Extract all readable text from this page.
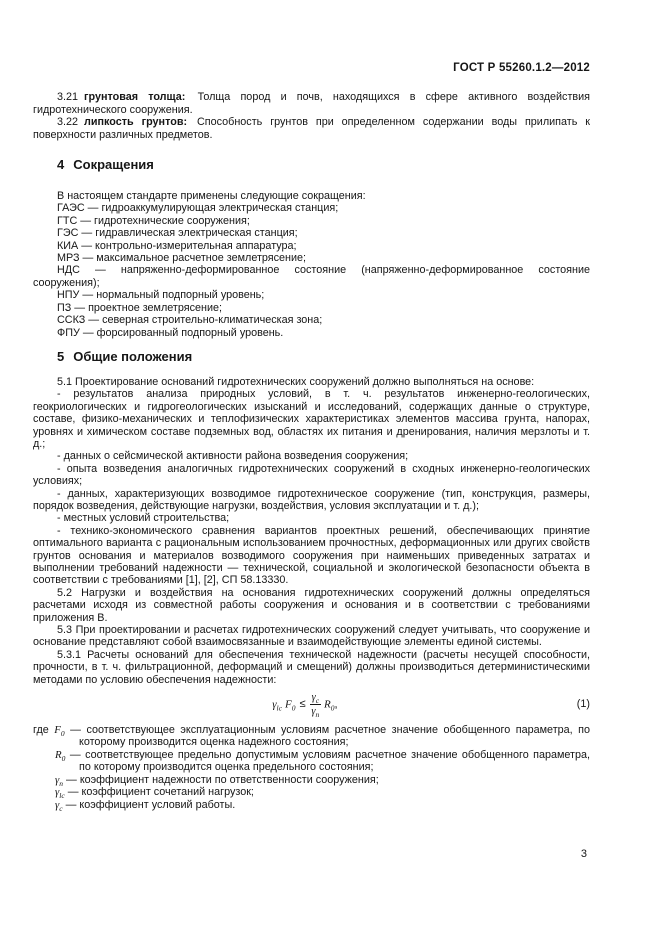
ГОСТ Р 55260.1.2—2012

3.21 грунтовая толща: Толща пород и почв, находящихся в сфере активного воздействия гидротехнического сооружения.

3.22 липкость грунтов: Способность грунтов при определенном содержании воды прилипать к поверхности различных предметов.

4 Сокращения

В настоящем стандарте применены следующие сокращения:

ГАЭС — гидроаккумулирующая электрическая станция;

ГТС — гидротехнические сооружения;

ГЭС — гидравлическая электрическая станция;

КИА — контрольно-измерительная аппаратура;

МРЗ — максимальное расчетное землетрясение;

НДС — напряженно-деформированное состояние (напряженно-деформированное состояние сооружения);

НПУ — нормальный подпорный уровень;

ПЗ — проектное землетрясение;

ССКЗ — северная строительно-климатическая зона;

ФПУ — форсированный подпорный уровень.

5 Общие положения

5.1 Проектирование оснований гидротехнических сооружений должно выполняться на основе:

- результатов анализа природных условий, в т. ч. результатов инженерно-геологических, геокриологических и гидрогеологических изысканий и исследований, содержащих данные о структуре, составе, физико-механических и теплофизических характеристиках элементов массива грунта, напорах, уровнях и химическом составе подземных вод, областях их питания и дренирования, наличия мерзлоты и т. д.;

- данных о сейсмической активности района возведения сооружения;

- опыта возведения аналогичных гидротехнических сооружений в сходных инженерно-геологических условиях;

- данных, характеризующих возводимое гидротехническое сооружение (тип, конструкция, размеры, порядок возведения, действующие нагрузки, воздействия, условия эксплуатации и т. д.);

- местных условий строительства;

- технико-экономического сравнения вариантов проектных решений, обеспечивающих принятие оптимального варианта с рациональным использованием прочностных, деформационных или других свойств грунтов основания и материалов возводимого сооружения при наименьших приведенных затратах и выполнении требований надежности — технической, социальной и экологической безопасности объекта в соответствии с требованиями [1], [2], СП 58.13330.

5.2 Нагрузки и воздействия на основания гидротехнических сооружений должны определяться расчетами исходя из совместной работы сооружения и основания и в соответствии с требованиями приложения В.

5.3 При проектировании и расчетах гидротехнических сооружений следует учитывать, что сооружение и основание представляют собой взаимосвязанные и взаимодействующие элементы единой системы.

5.3.1 Расчеты оснований для обеспечения технической надежности (расчеты несущей способности, прочности, в т. ч. фильтрационной, деформаций и смещений) должны производиться детерминистическими методами по условию обеспечения надежности:

$\gamma_{lc}$ $F_0 \le \frac{\gamma_c}{\gamma_n} R_0$,	(1)

где $F_0$ — соответствующее эксплуатационным условиям расчетное значение обобщенного параметра, по которому производится оценка надежного состояния;

$R_0$ — соответствующее предельно допустимым условиям расчетное значение обобщенного параметра, по которому производится оценка предельного состояния;

$\gamma_n$ — коэффициент надежности по ответственности сооружения;

$\gamma_{lc}$ — коэффициент сочетаний нагрузок;

$\gamma_c$ — коэффициент условий работы.

3
